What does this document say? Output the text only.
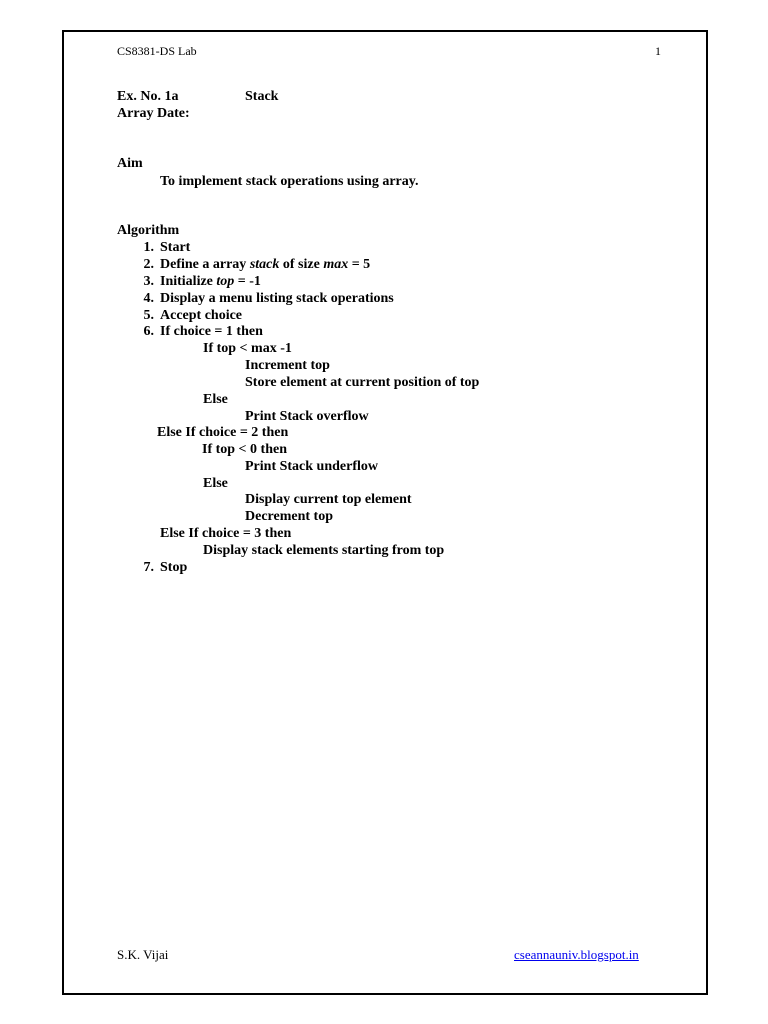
CS8381-DS Lab	1
Ex. No. 1a	Stack
Array Date:
Aim
To implement stack operations using array.
Algorithm
1. Start
2. Define a array stack of size max = 5
3. Initialize top = -1
4. Display a menu listing stack operations
5. Accept choice
6. If choice = 1 then
If top < max -1
Increment top
Store element at current position of top
Else
Print Stack overflow
Else If choice = 2 then
If top < 0 then
Print Stack underflow
Else
Display current top element
Decrement top
Else If choice = 3 then
Display stack elements starting from top
7. Stop
S.K. Vijai	cseannauniv.blogspot.in
